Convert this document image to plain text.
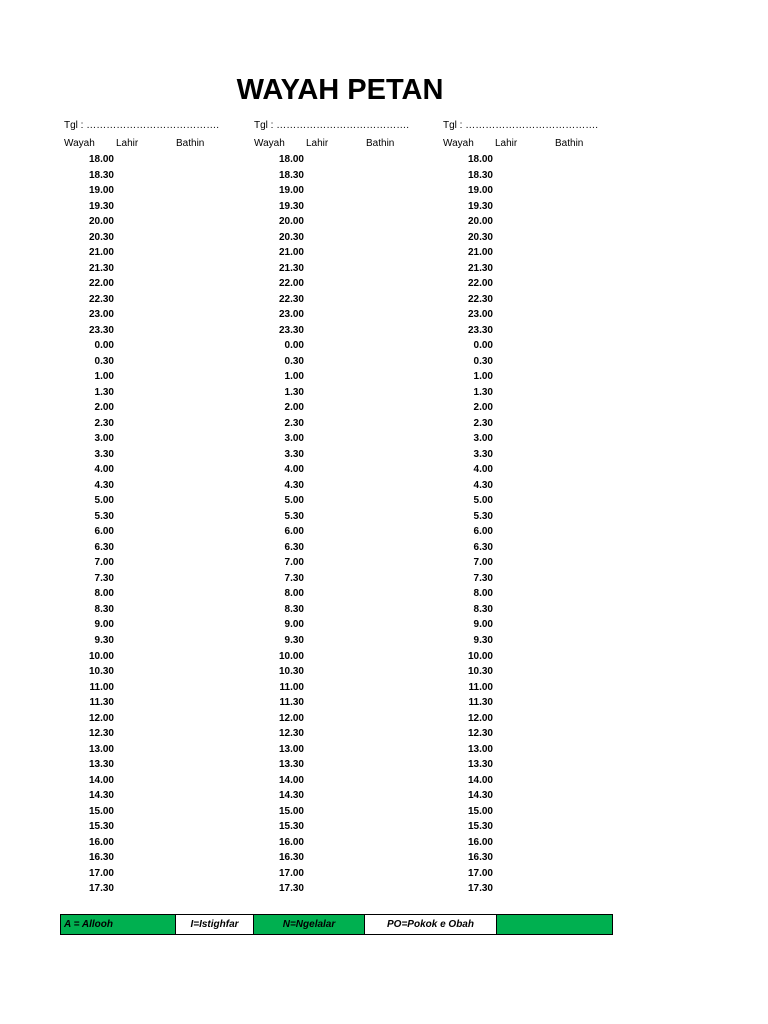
WAYAH PETAN
Tgl : ………………………………….
Wayah Lahir	Bathin
18.00
18.30
19.00
19.30
20.00
20.30
21.00
21.30
22.00
22.30
23.00
23.30
0.00
0.30
1.00
1.30
2.00
2.30
3.00
3.30
4.00
4.30
5.00
5.30
6.00
6.30
7.00
7.30
8.00
8.30
9.00
9.30
10.00
10.30
11.00
11.30
12.00
12.30
13.00
13.30
14.00
14.30
15.00
15.30
16.00
16.30
17.00
17.30
Tgl : ………………………………….
Wayah Lahir	Bathin
18.00
18.30
19.00
19.30
20.00
20.30
21.00
21.30
22.00
22.30
23.00
23.30
0.00
0.30
1.00
1.30
2.00
2.30
3.00
3.30
4.00
4.30
5.00
5.30
6.00
6.30
7.00
7.30
8.00
8.30
9.00
9.30
10.00
10.30
11.00
11.30
12.00
12.30
13.00
13.30
14.00
14.30
15.00
15.30
16.00
16.30
17.00
17.30
Tgl : ………………………………….
Wayah Lahir	Bathin
18.00
18.30
19.00
19.30
20.00
20.30
21.00
21.30
22.00
22.30
23.00
23.30
0.00
0.30
1.00
1.30
2.00
2.30
3.00
3.30
4.00
4.30
5.00
5.30
6.00
6.30
7.00
7.30
8.00
8.30
9.00
9.30
10.00
10.30
11.00
11.30
12.00
12.30
13.00
13.30
14.00
14.30
15.00
15.30
16.00
16.30
17.00
17.30
A = Allooh	I=Istighfar	N=Ngelalar	PO=Pokok e Obah
